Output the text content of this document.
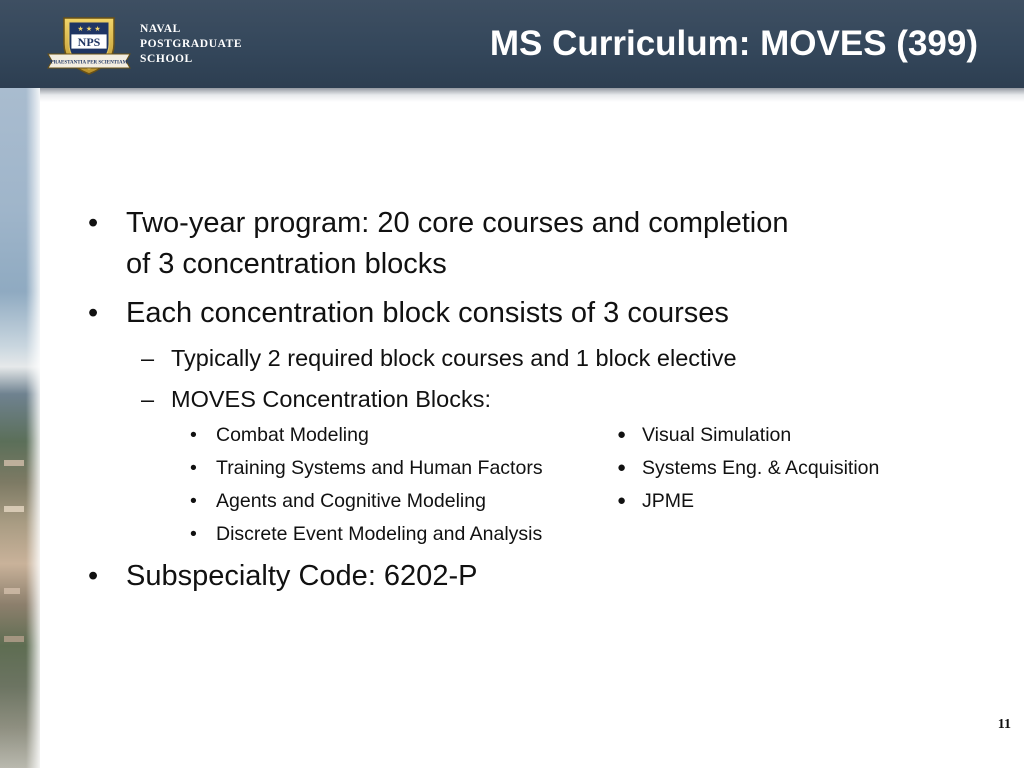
★ ★ ★
NPS
PRAESTANTIA PER SCIENTIAM
NAVAL
POSTGRADUATE
SCHOOL	MS Curriculum: MOVES (399)
• Two-year program: 20 core courses and completion
of 3 concentration blocks
• Each concentration block consists of 3 courses
– Typically 2 required block courses and 1 block elective
– MOVES Concentration Blocks:
• Combat Modeling
• Training Systems and Human Factors
• Agents and Cognitive Modeling
• Discrete Event Modeling and Analysis
● Visual Simulation
● Systems Eng. & Acquisition
● JPME
• Subspecialty Code: 6202-P
11
